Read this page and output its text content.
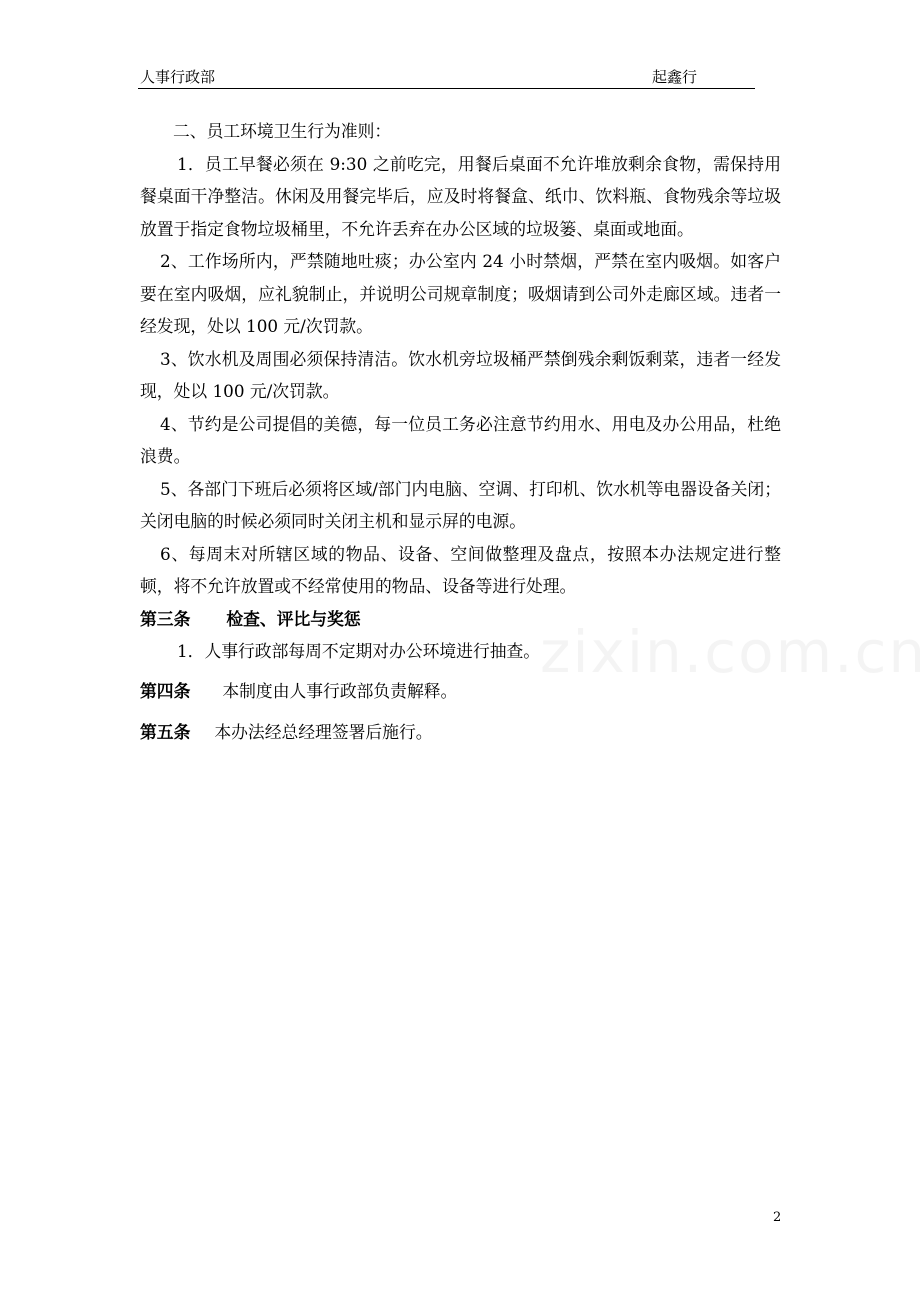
人事行政部	起鑫行

二、员工环境卫生行为准则：

1．员工早餐必须在 9:30 之前吃完，用餐后桌面不允许堆放剩余食物，需保持用餐桌面干净整洁。休闲及用餐完毕后，应及时将餐盒、纸巾、饮料瓶、食物残余等垃圾放置于指定食物垃圾桶里，不允许丢弃在办公区域的垃圾篓、桌面或地面。

2、工作场所内，严禁随地吐痰；办公室内 24 小时禁烟，严禁在室内吸烟。如客户要在室内吸烟，应礼貌制止，并说明公司规章制度；吸烟请到公司外走廊区域。违者一经发现，处以 100 元/次罚款。

3、饮水机及周围必须保持清洁。饮水机旁垃圾桶严禁倒残余剩饭剩菜，违者一经发现，处以 100 元/次罚款。

4、节约是公司提倡的美德，每一位员工务必注意节约用水、用电及办公用品，杜绝浪费。

5、各部门下班后必须将区域/部门内电脑、空调、打印机、饮水机等电器设备关闭；关闭电脑的时候必须同时关闭主机和显示屏的电源。

6、每周末对所辖区域的物品、设备、空间做整理及盘点，按照本办法规定进行整顿，将不允许放置或不经常使用的物品、设备等进行处理。

第三条 检查、评比与奖惩

1．人事行政部每周不定期对办公环境进行抽查。

第四条 本制度由人事行政部负责解释。

第五条 本办法经总经理签署后施行。

2
